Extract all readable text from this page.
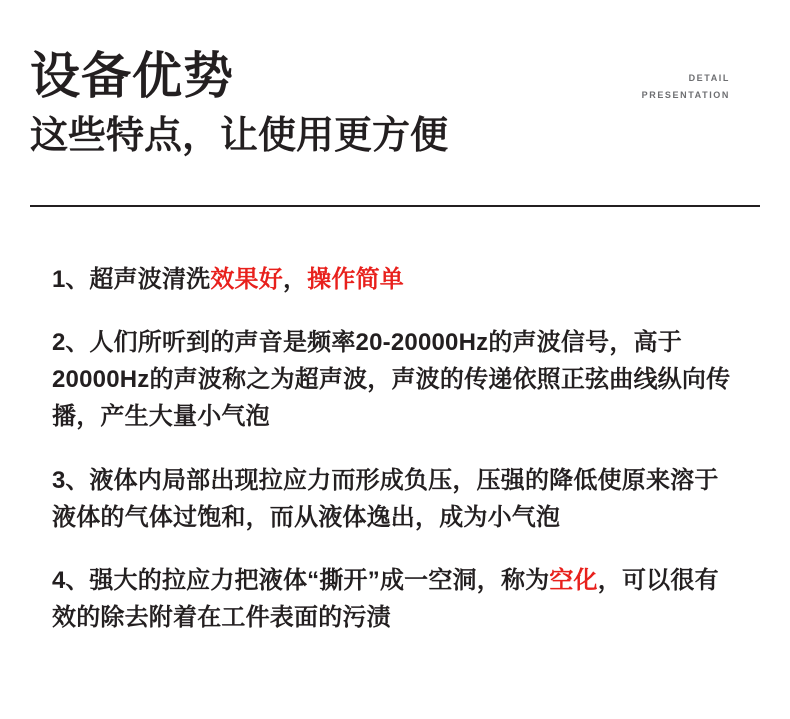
设备优势
这些特点，让使用更方便
DETAIL
PRESENTATION

1、超声波清洗效果好，操作简单

2、人们所听到的声音是频率20-20000Hz的声波信号，高于20000Hz的声波称之为超声波，声波的传递依照正弦曲线纵向传播，产生大量小气泡

3、液体内局部出现拉应力而形成负压，压强的降低使原来溶于液体的气体过饱和，而从液体逸出，成为小气泡

4、强大的拉应力把液体“撕开”成一空洞，称为空化，可以很有效的除去附着在工件表面的污渍
